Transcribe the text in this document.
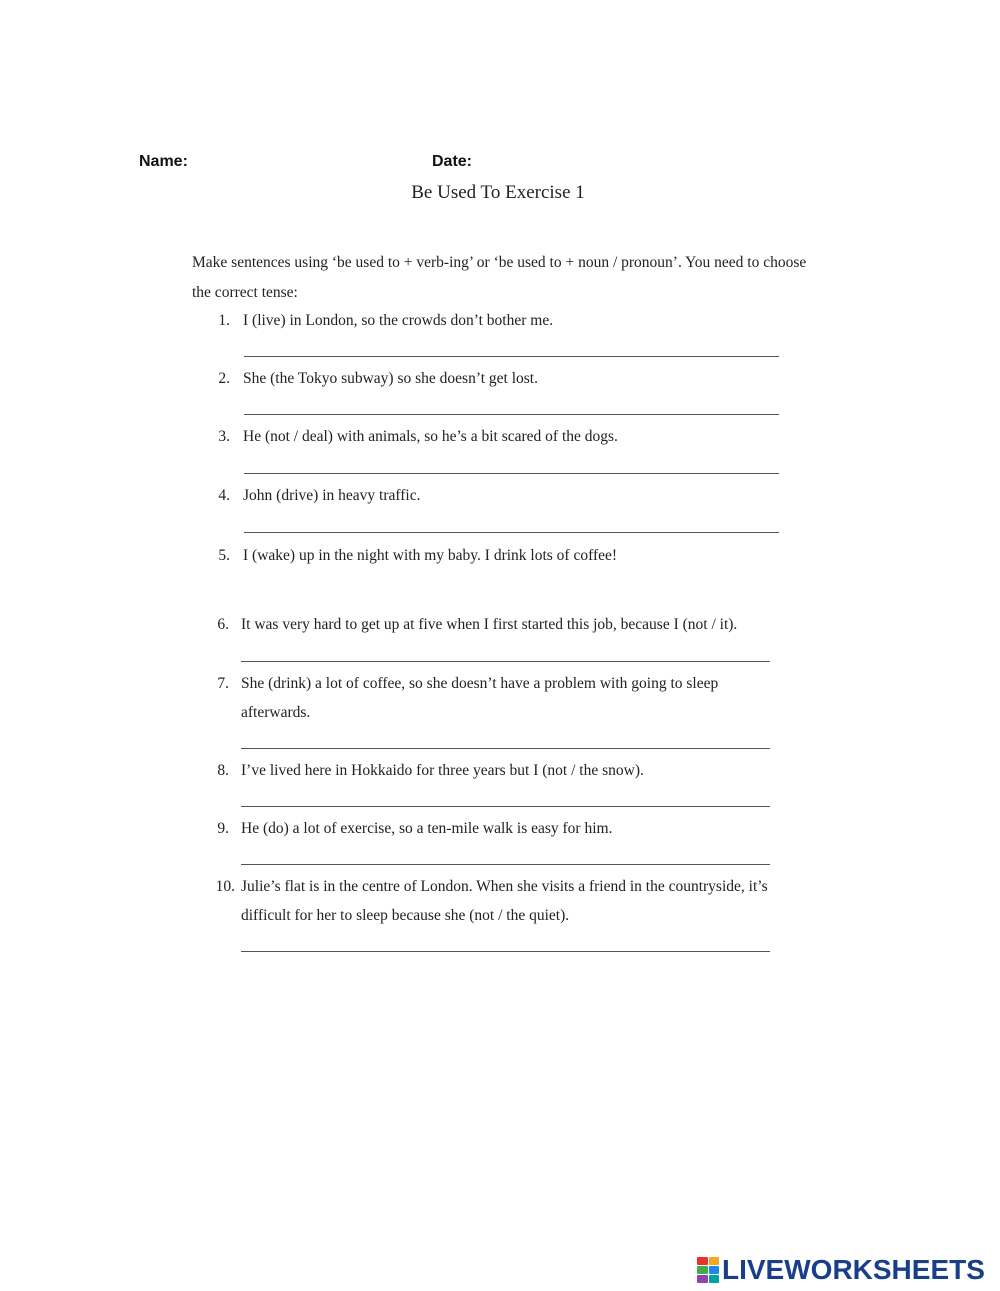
Name:	Date:
Be Used To Exercise 1
Make sentences using ‘be used to + verb-ing’ or ‘be used to + noun / pronoun’. You need to choose the correct tense:
1. I (live) in London, so the crowds don’t bother me.
2. She (the Tokyo subway) so she doesn’t get lost.
3. He (not / deal) with animals, so he’s a bit scared of the dogs.
4. John (drive) in heavy traffic.
5. I (wake) up in the night with my baby. I drink lots of coffee!
6. It was very hard to get up at five when I first started this job, because I (not / it).
7. She (drink) a lot of coffee, so she doesn’t have a problem with going to sleep afterwards.
8. I’ve lived here in Hokkaido for three years but I (not / the snow).
9. He (do) a lot of exercise, so a ten-mile walk is easy for him.
10. Julie’s flat is in the centre of London. When she visits a friend in the countryside, it’s difficult for her to sleep because she (not / the quiet).
LIVEWORKSHEETS
